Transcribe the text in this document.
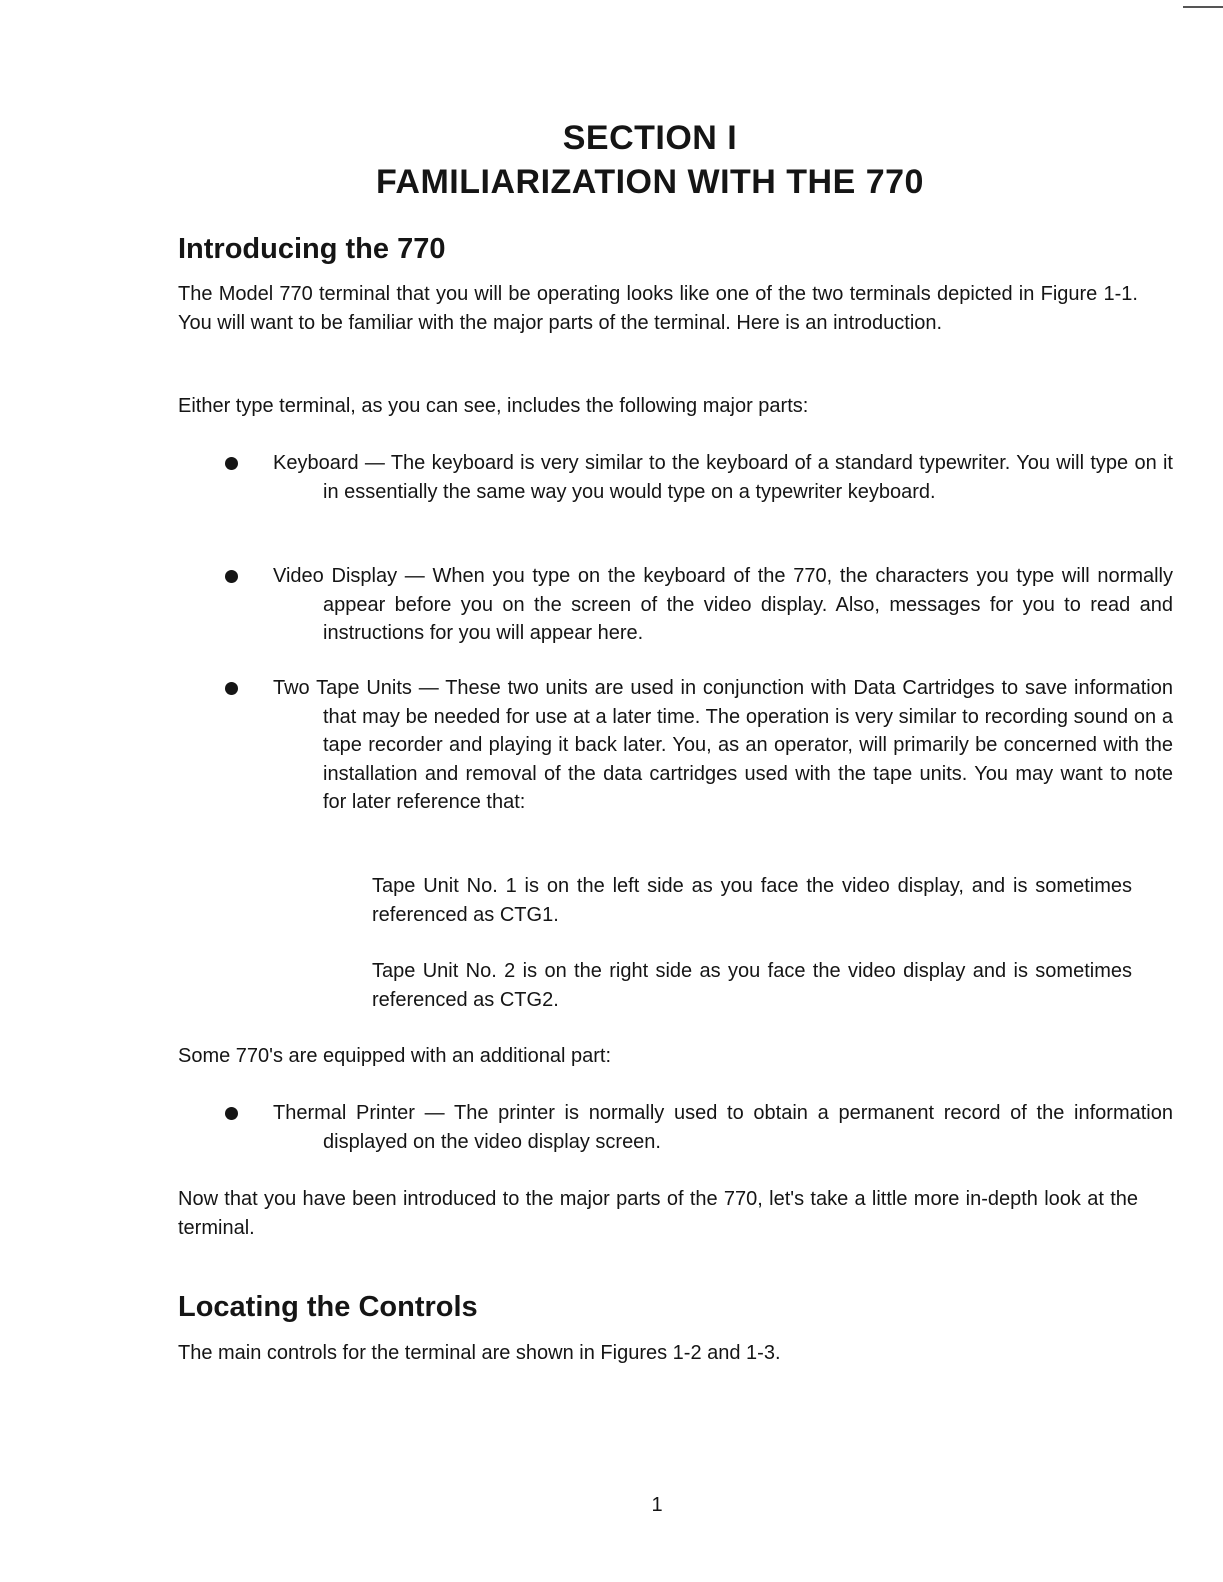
SECTION I
FAMILIARIZATION WITH THE 770
Introducing the 770

The Model 770 terminal that you will be operating looks like one of the two terminals depicted in Figure 1-1. You will want to be familiar with the major parts of the terminal. Here is an introduction.

Either type terminal, as you can see, includes the following major parts:

Keyboard — The keyboard is very similar to the keyboard of a standard typewriter. You will type on it in essentially the same way you would type on a typewriter keyboard.
Video Display — When you type on the keyboard of the 770, the characters you type will normally appear before you on the screen of the video display. Also, messages for you to read and instructions for you will appear here.
Two Tape Units — These two units are used in conjunction with Data Cartridges to save information that may be needed for use at a later time. The operation is very similar to recording sound on a tape recorder and playing it back later. You, as an operator, will primarily be concerned with the installation and removal of the data cartridges used with the tape units. You may want to note for later reference that:

Tape Unit No. 1 is on the left side as you face the video display, and is sometimes referenced as CTG1.

Tape Unit No. 2 is on the right side as you face the video display and is sometimes referenced as CTG2.

Some 770's are equipped with an additional part:

Thermal Printer — The printer is normally used to obtain a permanent record of the information displayed on the video display screen.

Now that you have been introduced to the major parts of the 770, let's take a little more in-depth look at the terminal.

Locating the Controls

The main controls for the terminal are shown in Figures 1-2 and 1-3.

1
